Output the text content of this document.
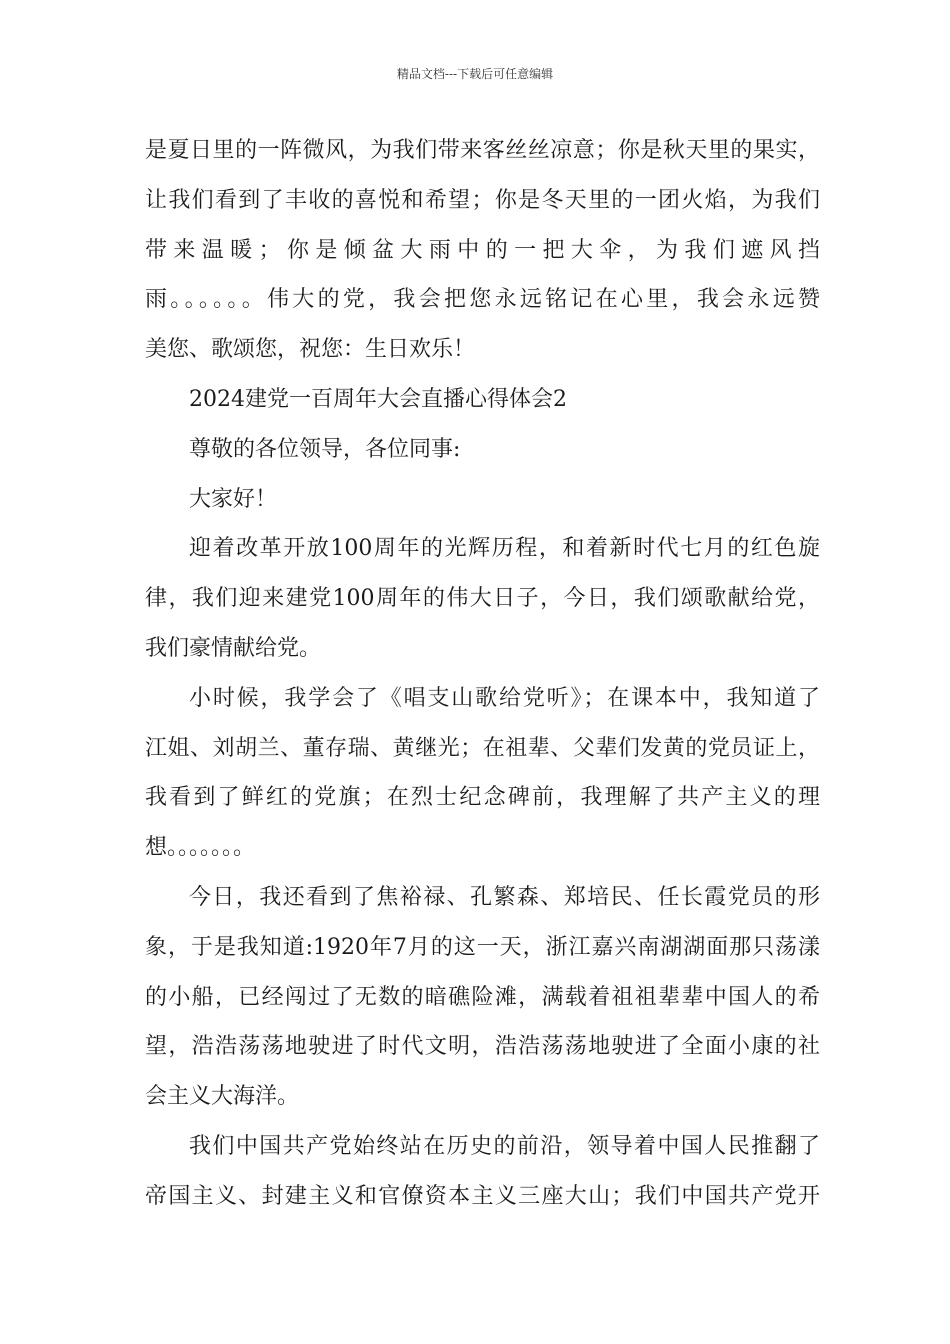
精品文档---下载后可任意编辑
是夏日里的一阵微风，为我们带来客丝丝凉意；你是秋天里的果实，
让我们看到了丰收的喜悦和希望；你是冬天里的一团火焰，为我们
带来温暖；你是倾盆大雨中的一把大伞，为我们遮风挡
雨。。。。。。伟大的党，我会把您永远铭记在心里，我会永远赞
美您、歌颂您，祝您：生日欢乐！
2024建党一百周年大会直播心得体会2
尊敬的各位领导，各位同事:
大家好！
迎着改革开放100周年的光辉历程，和着新时代七月的红色旋
律，我们迎来建党100周年的伟大日子，今日，我们颂歌献给党，
我们豪情献给党。
小时候，我学会了《唱支山歌给党听》；在课本中，我知道了
江姐、刘胡兰、董存瑞、黄继光；在祖辈、父辈们发黄的党员证上，
我看到了鲜红的党旗；在烈士纪念碑前，我理解了共产主义的理
想。。。。。。。
今日，我还看到了焦裕禄、孔繁森、郑培民、任长霞党员的形
象，于是我知道:1920年7月的这一天，浙江嘉兴南湖湖面那只荡漾
的小船，已经闯过了无数的暗礁险滩，满载着祖祖辈辈中国人的希
望，浩浩荡荡地驶进了时代文明，浩浩荡荡地驶进了全面小康的社
会主义大海洋。
我们中国共产党始终站在历史的前沿，领导着中国人民推翻了
帝国主义、封建主义和官僚资本主义三座大山；我们中国共产党开
